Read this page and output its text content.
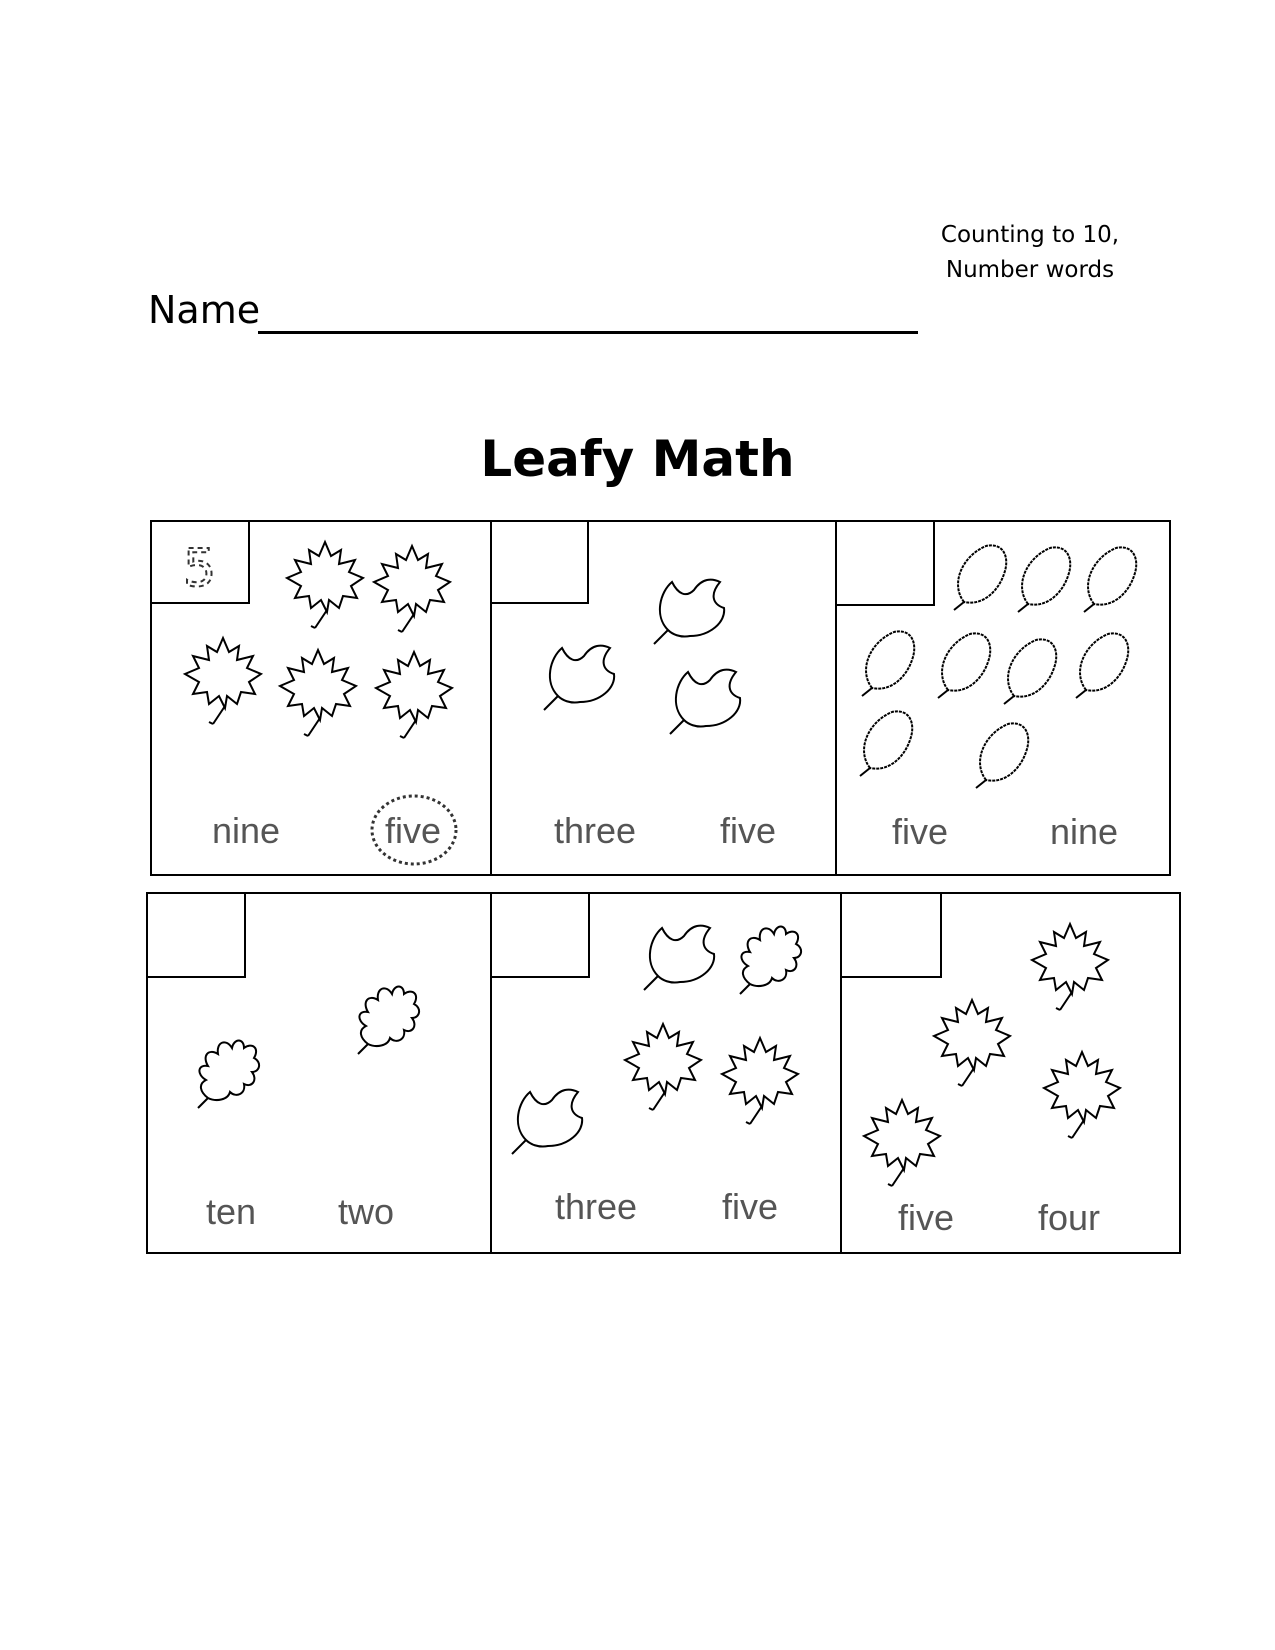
Counting to 10,
Number words
Name
Leafy Math
5
nine	five	three five	five	nine
ten two	three five	five four
